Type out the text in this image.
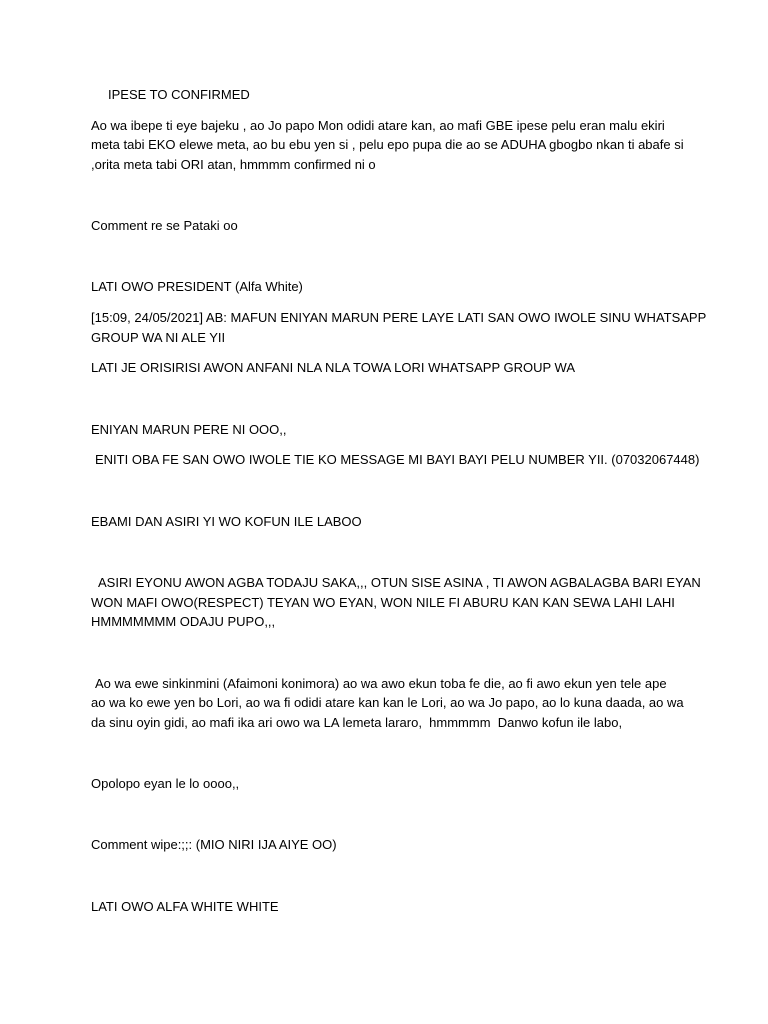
IPESE TO CONFIRMED
Ao wa ibepe ti eye bajeku , ao Jo papo Mon odidi atare kan, ao mafi GBE ipese pelu eran malu ekiri
meta tabi EKO elewe meta, ao bu ebu yen si , pelu epo pupa die ao se ADUHA gbogbo nkan ti abafe si
,orita meta tabi ORI atan, hmmmm confirmed ni o
Comment re se Pataki oo
LATI OWO PRESIDENT (Alfa White)
[15:09, 24/05/2021] AB: MAFUN ENIYAN MARUN PERE LAYE LATI SAN OWO IWOLE SINU WHATSAPP
GROUP WA NI ALE YII
LATI JE ORISIRISI AWON ANFANI NLA NLA TOWA LORI WHATSAPP GROUP WA
ENIYAN MARUN PERE NI OOO,,
ENITI OBA FE SAN OWO IWOLE TIE KO MESSAGE MI BAYI BAYI PELU NUMBER YII. (07032067448)
EBAMI DAN ASIRI YI WO KOFUN ILE LABOO
ASIRI EYONU AWON AGBA TODAJU SAKA,,, OTUN SISE ASINA , TI AWON AGBALAGBA BARI EYAN
WON MAFI OWO(RESPECT) TEYAN WO EYAN, WON NILE FI ABURU KAN KAN SEWA LAHI LAHI
HMMMMMMM ODAJU PUPO,,,
Ao wa ewe sinkinmini (Afaimoni konimora) ao wa awo ekun toba fe die, ao fi awo ekun yen tele ape
ao wa ko ewe yen bo Lori, ao wa fi odidi atare kan kan le Lori, ao wa Jo papo, ao lo kuna daada, ao wa
da sinu oyin gidi, ao mafi ika ari owo wa LA lemeta lararo,  hmmmmm  Danwo kofun ile labo,
Opolopo eyan le lo oooo,,
Comment wipe:;;: (MIO NIRI IJA AIYE OO)
LATI OWO ALFA WHITE WHITE
